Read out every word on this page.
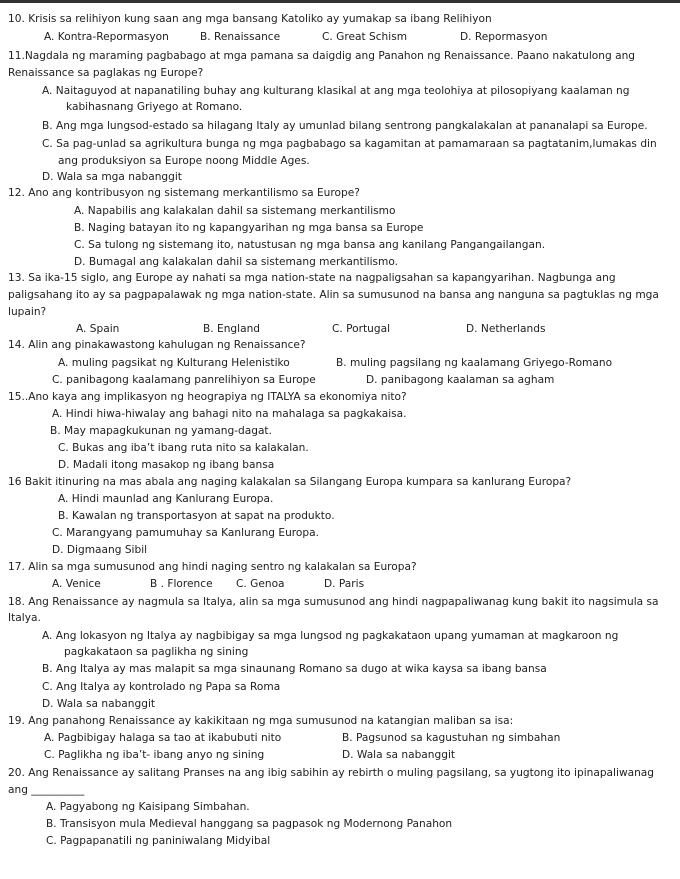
10. Krisis sa relihiyon kung saan ang mga bansang Katoliko ay yumakap sa ibang Relihiyon
A. Kontra-Repormasyon	B. Renaissance	C. Great Schism	D. Repormasyon
11.Nagdala ng maraming pagbabago at mga pamana sa daigdig ang Panahon ng Renaissance. Paano nakatulong ang
Renaissance sa paglakas ng Europe?
A. Naitaguyod at napanatiling buhay ang kulturang klasikal at ang mga teolohiya at pilosopiyang kaalaman ng
kabihasnang Griyego at Romano.
B. Ang mga lungsod-estado sa hilagang Italy ay umunlad bilang sentrong pangkalakalan at pananalapi sa Europe.
C. Sa pag-unlad sa agrikultura bunga ng mga pagbabago sa kagamitan at pamamaraan sa pagtatanim,lumakas din
ang produksiyon sa Europe noong Middle Ages.
D. Wala sa mga nabanggit
12. Ano ang kontribusyon ng sistemang merkantilismo sa Europe?
A. Napabilis ang kalakalan dahil sa sistemang merkantilismo
B. Naging batayan ito ng kapangyarihan ng mga bansa sa Europe
C. Sa tulong ng sistemang ito, natustusan ng mga bansa ang kanilang Pangangailangan.
D. Bumagal ang kalakalan dahil sa sistemang merkantilismo.
13. Sa ika-15 siglo, ang Europe ay nahati sa mga nation-state na nagpaligsahan sa kapangyarihan. Nagbunga ang
paligsahang ito ay sa pagpapalawak ng mga nation-state. Alin sa sumusunod na bansa ang nanguna sa pagtuklas ng mga
lupain?
A. Spain	B. England	C. Portugal	D. Netherlands
14. Alin ang pinakawastong kahulugan ng Renaissance?
A. muling pagsikat ng Kulturang Helenistiko	B. muling pagsilang ng kaalamang Griyego-Romano
C. panibagong kaalamang panrelihiyon sa Europe	D. panibagong kaalaman sa agham
15..Ano kaya ang implikasyon ng heograpiya ng ITALYA sa ekonomiya nito?
A. Hindi hiwa-hiwalay ang bahagi nito na mahalaga sa pagkakaisa.
B. May mapagkukunan ng yamang-dagat.
C. Bukas ang iba’t ibang ruta nito sa kalakalan.
D. Madali itong masakop ng ibang bansa
16 Bakit itinuring na mas abala ang naging kalakalan sa Silangang Europa kumpara sa kanlurang Europa?
A. Hindi maunlad ang Kanlurang Europa.
B. Kawalan ng transportasyon at sapat na produkto.
C. Marangyang pamumuhay sa Kanlurang Europa.
D. Digmaang Sibil
17. Alin sa mga sumusunod ang hindi naging sentro ng kalakalan sa Europa?
A. Venice	B . Florence C. Genoa	D. Paris
18. Ang Renaissance ay nagmula sa Italya, alin sa mga sumusunod ang hindi nagpapaliwanag kung bakit ito nagsimula sa
Italya.
A. Ang lokasyon ng Italya ay nagbibigay sa mga lungsod ng pagkakataon upang yumaman at magkaroon ng
pagkakataon sa paglikha ng sining
B. Ang Italya ay mas malapit sa mga sinaunang Romano sa dugo at wika kaysa sa ibang bansa
C. Ang Italya ay kontrolado ng Papa sa Roma
D. Wala sa nabanggit
19. Ang panahong Renaissance ay kakikitaan ng mga sumusunod na katangian maliban sa isa:
A. Pagbibigay halaga sa tao at ikabubuti nito	B. Pagsunod sa kagustuhan ng simbahan
C. Paglikha ng iba’t- ibang anyo ng sining	D. Wala sa nabanggit
20. Ang Renaissance ay salitang Pranses na ang ibig sabihin ay rebirth o muling pagsilang, sa yugtong ito ipinapaliwanag
ang __________
A. Pagyabong ng Kaisipang Simbahan.
B. Transisyon mula Medieval hanggang sa pagpasok ng Modernong Panahon
C. Pagpapanatili ng paniniwalang Midyibal
